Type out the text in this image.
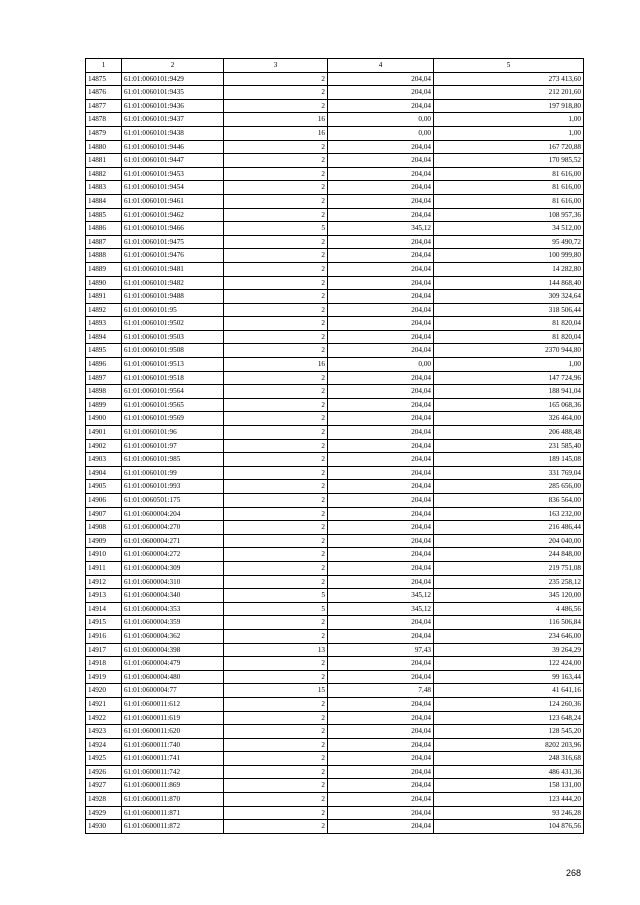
1	2	3	4	5
14875	61:01:0060101:9429	2	204,04	273 413,60
14876	61:01:0060101:9435	2	204,04	212 201,60
14877	61:01:0060101:9436	2	204,04	197 918,80
14878	61:01:0060101:9437	16	0,00	1,00
14879	61:01:0060101:9438	16	0,00	1,00
14880	61:01:0060101:9446	2	204,04	167 720,88
14881	61:01:0060101:9447	2	204,04	170 985,52
14882	61:01:0060101:9453	2	204,04	81 616,00
14883	61:01:0060101:9454	2	204,04	81 616,00
14884	61:01:0060101:9461	2	204,04	81 616,00
14885	61:01:0060101:9462	2	204,04	108 957,36
14886	61:01:0060101:9466	5	345,12	34 512,00
14887	61:01:0060101:9475	2	204,04	95 490,72
14888	61:01:0060101:9476	2	204,04	100 999,80
14889	61:01:0060101:9481	2	204,04	14 282,80
14890	61:01:0060101:9482	2	204,04	144 868,40
14891	61:01:0060101:9488	2	204,04	309 324,64
14892	61:01:0060101:95	2	204,04	318 506,44
14893	61:01:0060101:9502	2	204,04	81 820,04
14894	61:01:0060101:9503	2	204,04	81 820,04
14895	61:01:0060101:9508	2	204,04	2370 944,80
14896	61:01:0060101:9513	16	0,00	1,00
14897	61:01:0060101:9518	2	204,04	147 724,96
14898	61:01:0060101:9564	2	204,04	188 941,04
14899	61:01:0060101:9565	2	204,04	165 068,36
14900	61:01:0060101:9569	2	204,04	326 464,00
14901	61:01:0060101:96	2	204,04	206 488,48
14902	61:01:0060101:97	2	204,04	231 585,40
14903	61:01:0060101:985	2	204,04	189 145,08
14904	61:01:0060101:99	2	204,04	331 769,04
14905	61:01:0060101:993	2	204,04	285 656,00
14906	61:01:0060501:175	2	204,04	836 564,00
14907	61:01:0600004:204	2	204,04	163 232,00
14908	61:01:0600004:270	2	204,04	216 486,44
14909	61:01:0600004:271	2	204,04	204 040,00
14910	61:01:0600004:272	2	204,04	244 848,00
14911	61:01:0600004:309	2	204,04	219 751,08
14912	61:01:0600004:310	2	204,04	235 258,12
14913	61:01:0600004:340	5	345,12	345 120,00
14914	61:01:0600004:353	5	345,12	4 486,56
14915	61:01:0600004:359	2	204,04	116 506,84
14916	61:01:0600004:362	2	204,04	234 646,00
14917	61:01:0600004:398	13	97,43	39 264,29
14918	61:01:0600004:479	2	204,04	122 424,00
14919	61:01:0600004:480	2	204,04	99 163,44
14920	61:01:0600004:77	15	7,48	41 641,16
14921	61:01:0600011:612	2	204,04	124 260,36
14922	61:01:0600011:619	2	204,04	123 648,24
14923	61:01:0600011:620	2	204,04	128 545,20
14924	61:01:0600011:740	2	204,04	8202 203,96
14925	61:01:0600011:741	2	204,04	248 316,68
14926	61:01:0600011:742	2	204,04	486 431,36
14927	61:01:0600011:869	2	204,04	158 131,00
14928	61:01:0600011:870	2	204,04	123 444,20
14929	61:01:0600011:871	2	204,04	93 246,28
14930	61:01:0600011:872	2	204,04	104 876,56
268
